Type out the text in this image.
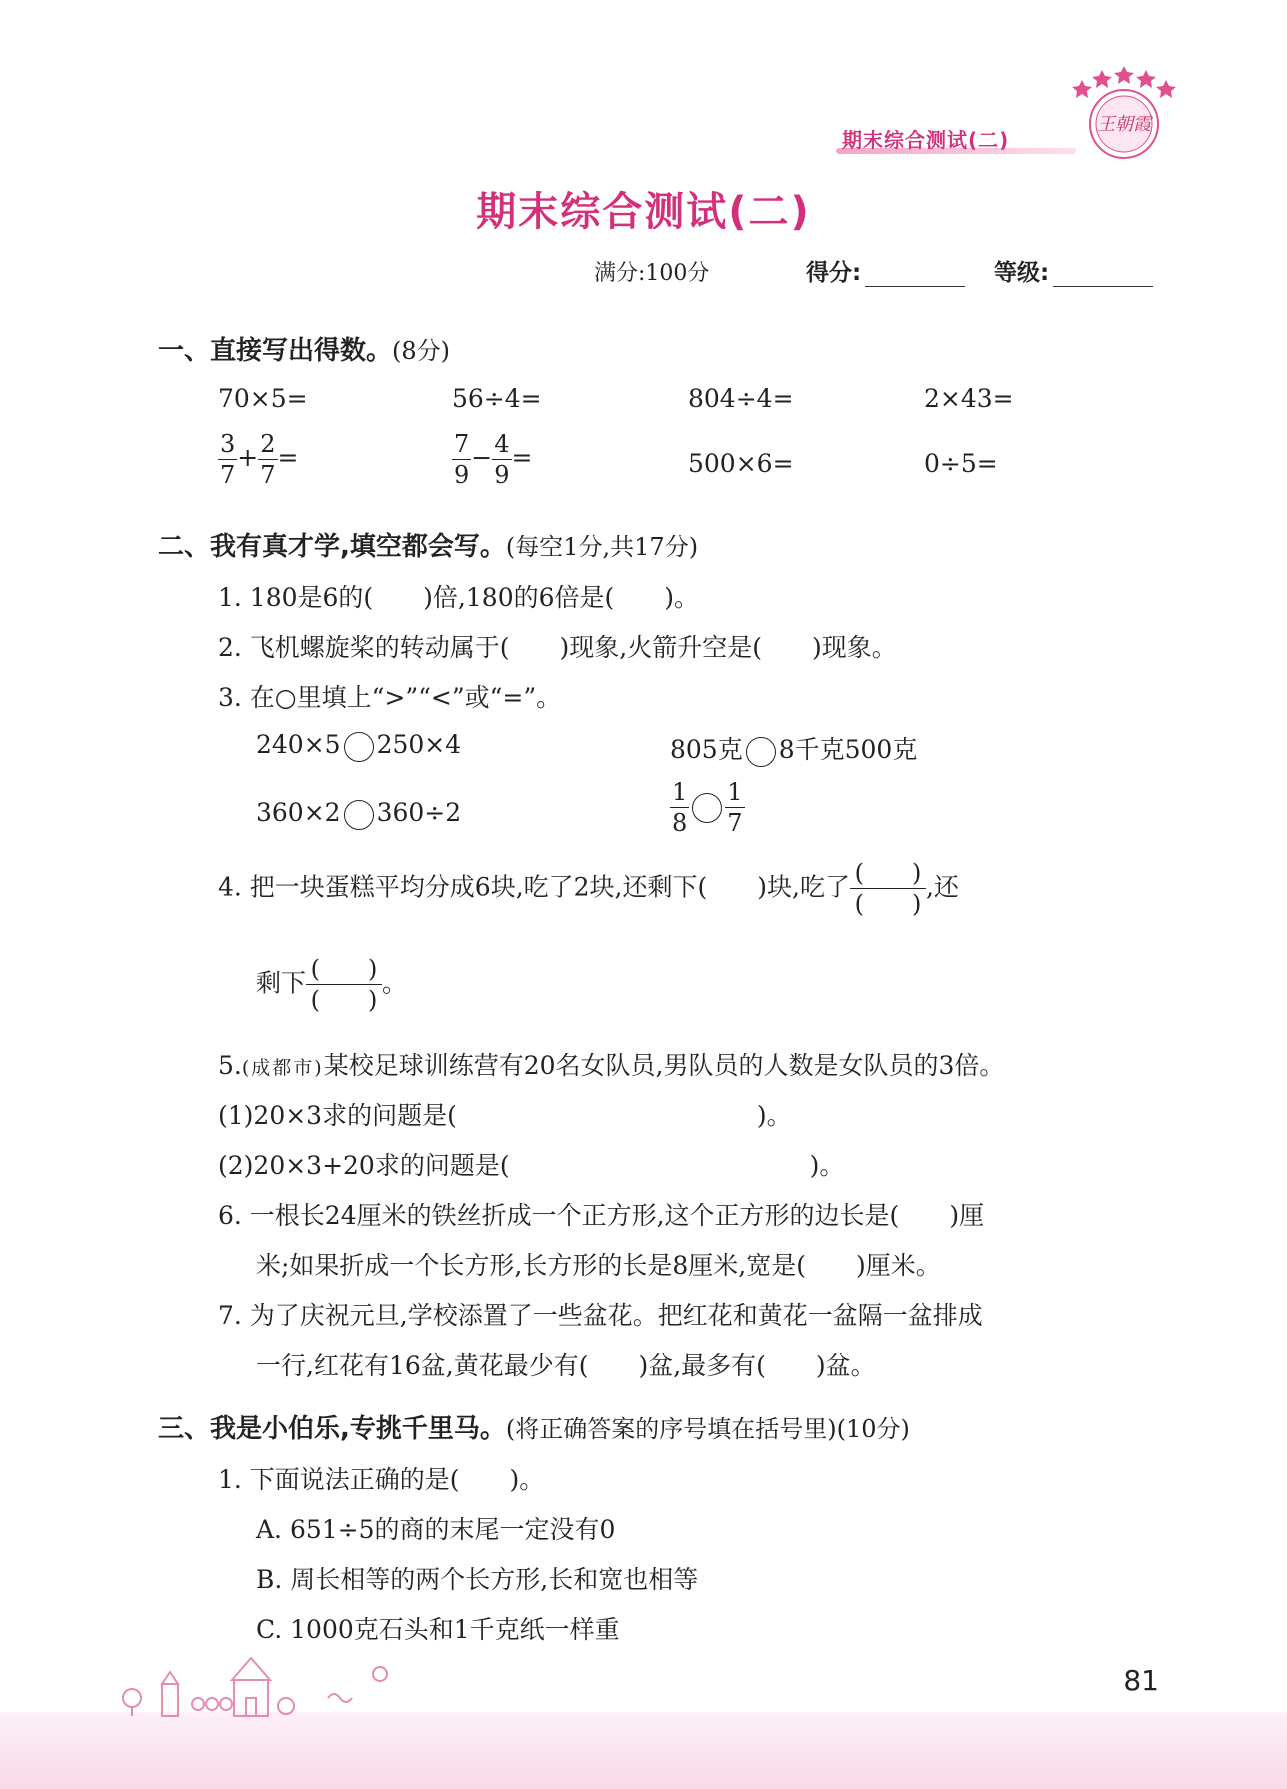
王朝霞
期末综合测试(二)
期末综合测试(二)
满分:100分	得分:	等级:
一、直接写出得数。(8分)
70×5=	56÷4=	804÷4=	2×43=
$\frac{3}{7} + \frac{2}{7}$ =	$\frac{7}{9} - \frac{4}{9}$ =	500×6=	0÷5=
二、我有真才学,填空都会写。(每空1分,共17分)
1. 180是6的(　　)倍,180的6倍是(　　)。
2. 飞机螺旋桨的转动属于(　　)现象,火箭升空是(　　)现象。
3. 在○里填上“>”“<”或“=”。
240×5 250×4	805克 8千克500克
360×2 360÷2	$\frac{1}{8} \frac{1}{7}$
4. 把一块蛋糕平均分成6块,吃了2块,还剩下(　　)块,吃了 $\frac{( )}{( )}$ ,还
剩下 $\frac{( )}{( )}$ 。
5.(成都市)某校足球训练营有20名女队员,男队员的人数是女队员的3倍。
(1)20×3求的问题是(　　　　　　　　　　　　)。
(2)20×3+20求的问题是(　　　　　　　　　　　　)。
6. 一根长24厘米的铁丝折成一个正方形,这个正方形的边长是(　　)厘
米;如果折成一个长方形,长方形的长是8厘米,宽是(　　)厘米。
7. 为了庆祝元旦,学校添置了一些盆花。把红花和黄花一盆隔一盆排成
一行,红花有16盆,黄花最少有(　　)盆,最多有(　　)盆。
三、我是小伯乐,专挑千里马。(将正确答案的序号填在括号里)(10分)
1. 下面说法正确的是(　　)。
A. 651÷5的商的末尾一定没有0
B. 周长相等的两个长方形,长和宽也相等
C. 1000克石头和1千克纸一样重
81
